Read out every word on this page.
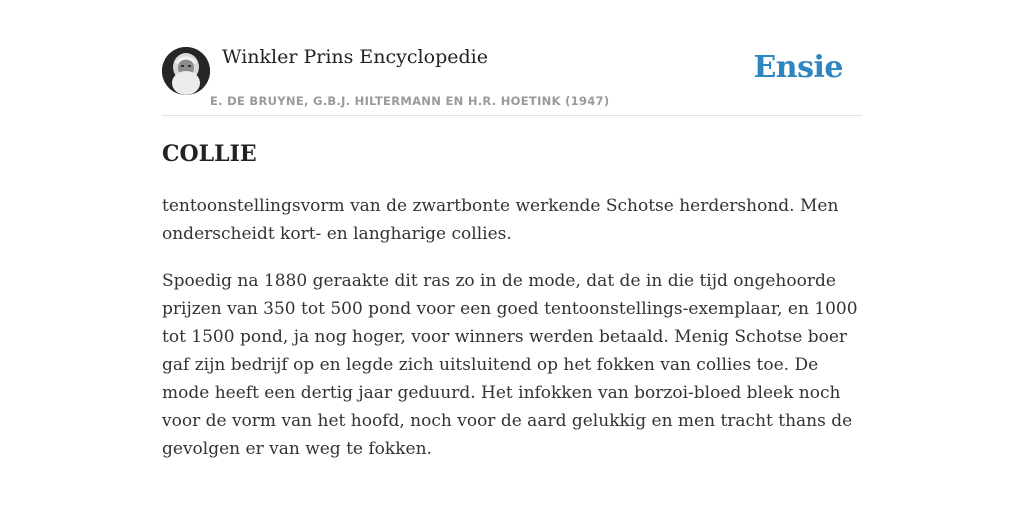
Winkler Prins Encyclopedie
E. DE BRUYNE, G.B.J. HILTERMANN EN H.R. HOETINK (1947)
Ensie
COLLIE

tentoonstellingsvorm van de zwartbonte werkende Schotse herdershond. Men onderscheidt kort- en langharige collies.

Spoedig na 1880 geraakte dit ras zo in de mode, dat de in die tijd ongehoorde prijzen van 350 tot 500 pond voor een goed tentoonstellings-exemplaar, en 1000 tot 1500 pond, ja nog hoger, voor winners werden betaald. Menig Schotse boer gaf zijn bedrijf op en legde zich uitsluitend op het fokken van collies toe. De mode heeft een dertig jaar geduurd. Het infokken van borzoi-bloed bleek noch voor de vorm van het hoofd, noch voor de aard gelukkig en men tracht thans de gevolgen er van weg te fokken.
